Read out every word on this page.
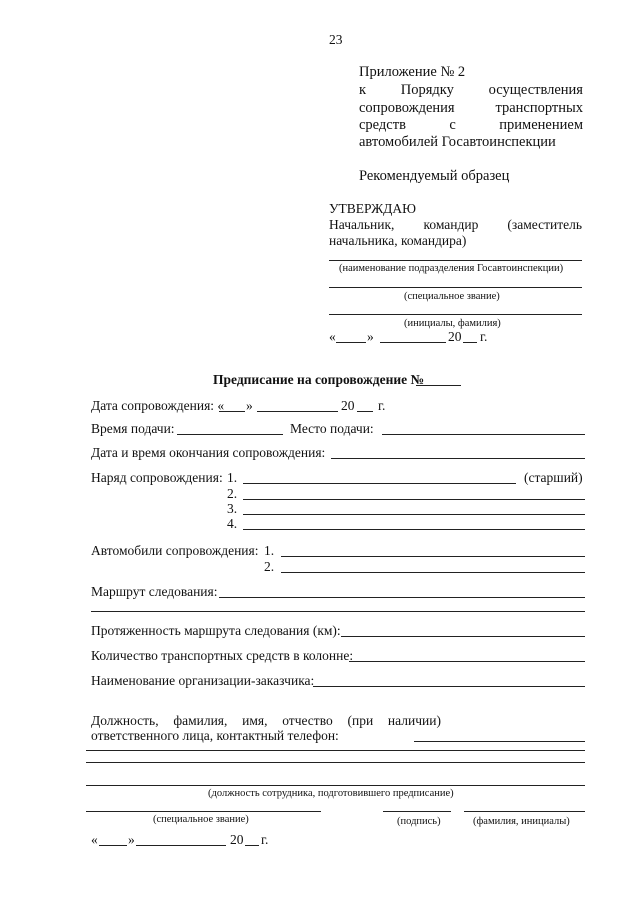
23
Приложение № 2
к Порядку осуществления
сопровождения	транспортных
средств	с	применением
автомобилей Госавтоинспекции
Рекомендуемый образец
УТВЕРЖДАЮ
Начальник, командир (заместитель
начальника, командира)
(наименование подразделения Госавтоинспекции)
(специальное звание)
(инициалы, фамилия)
« »	20 г.
Предписание на сопровождение №
Дата сопровождения: « »	20 г.
Время подачи:	Место подачи:
Дата и время окончания сопровождения:
Наряд сопровождения: 1.	(старший)
2.
3.
4.
Автомобили сопровождения: 1.
2.
Маршрут следования:
Протяженность маршрута следования (км):
Количество транспортных средств в колонне:
Наименование организации-заказчика:
Должность, фамилия, имя, отчество (при наличии)
ответственного лица, контактный телефон:
(должность сотрудника, подготовившего предписание)
(специальное звание)	(подпись)	(фамилия, инициалы)
« »	20 г.
